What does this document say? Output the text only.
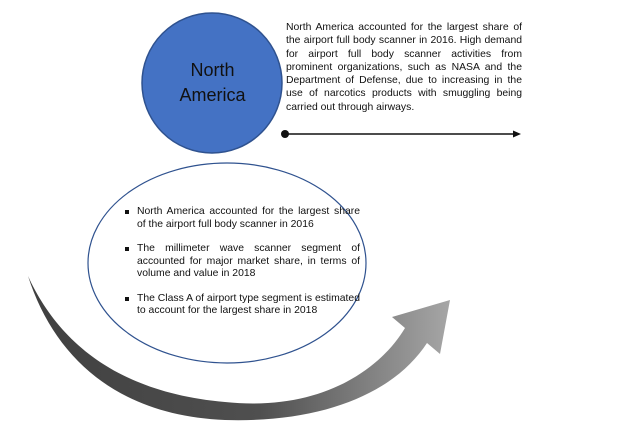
North
America

North America accounted for the largest share of the airport full body scanner in 2016. High demand for airport full body scanner activities from prominent organizations, such as NASA and the Department of Defense, due to increasing in the use of narcotics products with smuggling being carried out through airways.

North America accounted for the largest share of the airport full body scanner in 2016
The millimeter wave scanner segment of accounted for major market share, in terms of volume and value in 2018
The Class A of airport type segment is estimated to account for the largest share in 2018
